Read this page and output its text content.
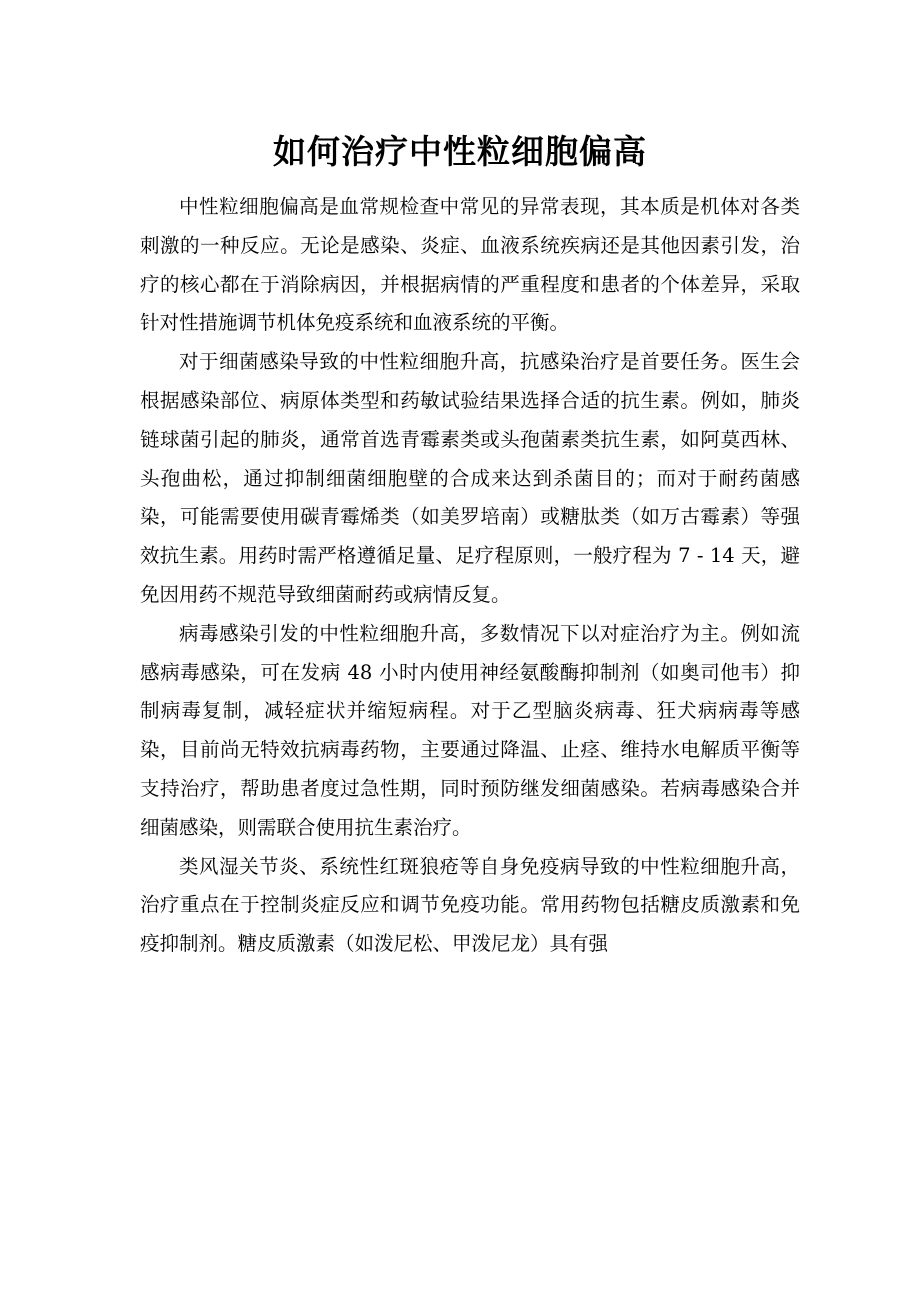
如何治疗中性粒细胞偏高

中性粒细胞偏高是血常规检查中常见的异常表现，其本质是机体对各类刺激的一种反应。无论是感染、炎症、血液系统疾病还是其他因素引发，治疗的核心都在于消除病因，并根据病情的严重程度和患者的个体差异，采取针对性措施调节机体免疫系统和血液系统的平衡。

对于细菌感染导致的中性粒细胞升高，抗感染治疗是首要任务。医生会根据感染部位、病原体类型和药敏试验结果选择合适的抗生素。例如，肺炎链球菌引起的肺炎，通常首选青霉素类或头孢菌素类抗生素，如阿莫西林、头孢曲松，通过抑制细菌细胞壁的合成来达到杀菌目的；而对于耐药菌感染，可能需要使用碳青霉烯类（如美罗培南）或糖肽类（如万古霉素）等强效抗生素。用药时需严格遵循足量、足疗程原则，一般疗程为 7 - 14 天，避免因用药不规范导致细菌耐药或病情反复。

病毒感染引发的中性粒细胞升高，多数情况下以对症治疗为主。例如流感病毒感染，可在发病 48 小时内使用神经氨酸酶抑制剂（如奥司他韦）抑制病毒复制，减轻症状并缩短病程。对于乙型脑炎病毒、狂犬病病毒等感染，目前尚无特效抗病毒药物，主要通过降温、止痉、维持水电解质平衡等支持治疗，帮助患者度过急性期，同时预防继发细菌感染。若病毒感染合并细菌感染，则需联合使用抗生素治疗。

类风湿关节炎、系统性红斑狼疮等自身免疫病导致的中性粒细胞升高，治疗重点在于控制炎症反应和调节免疫功能。常用药物包括糖皮质激素和免疫抑制剂。糖皮质激素（如泼尼松、甲泼尼龙）具有强
